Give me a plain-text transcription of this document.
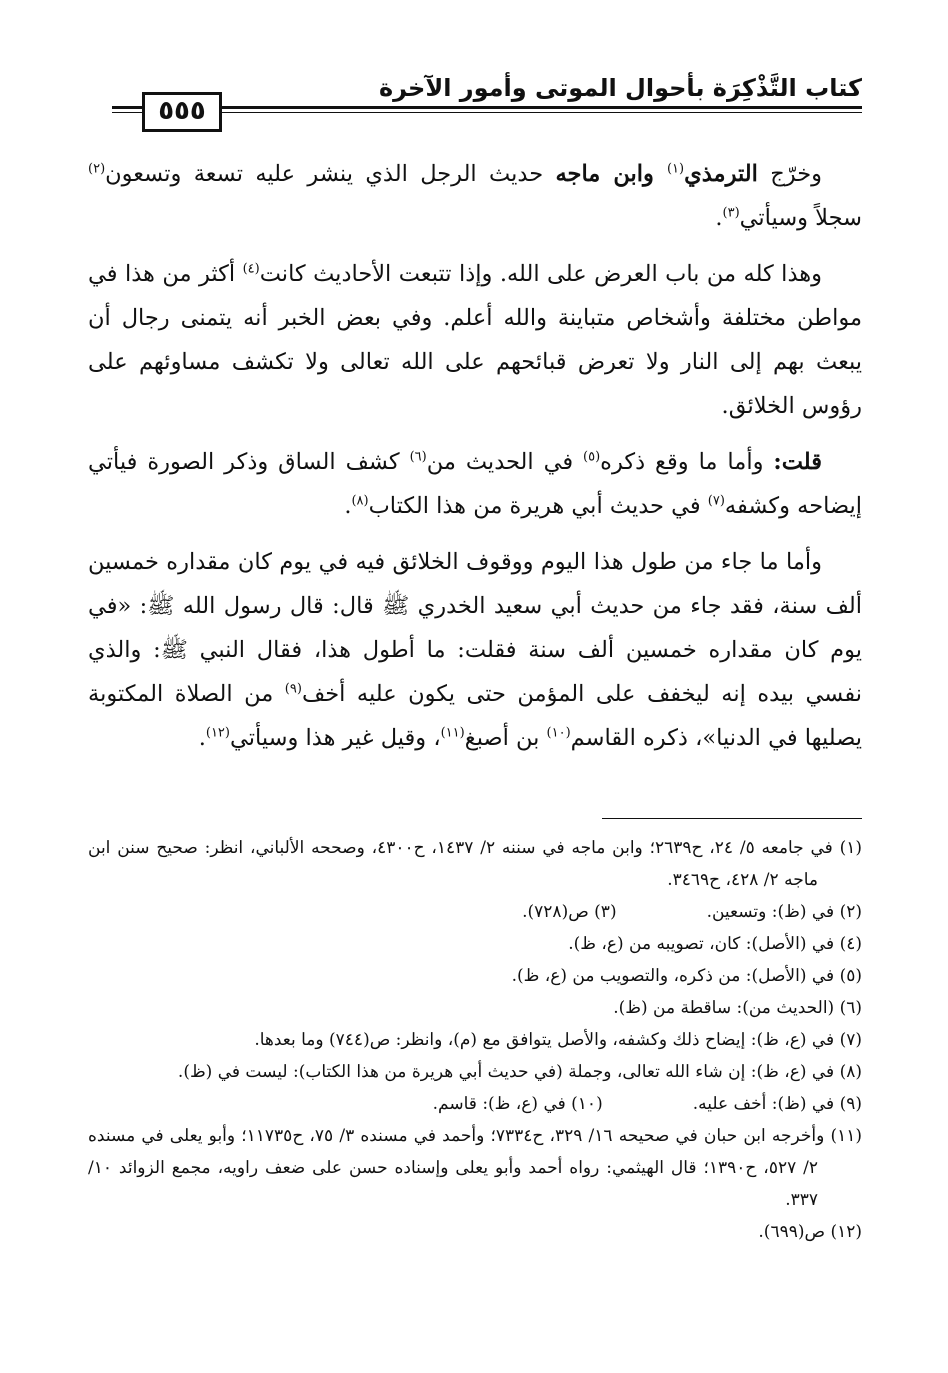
كتاب التَّذْكِرَة بأحوال الموتى وأمور الآخرة
٥٥٥

وخرّج الترمذي$^{(١)}$ وابن ماجه حديث الرجل الذي ينشر عليه تسعة وتسعون$^{(٢)}$ سجلاً وسيأتي$^{(٣)}$.

وهذا كله من باب العرض على الله. وإذا تتبعت الأحاديث كانت$^{(٤)}$ أكثر من هذا في مواطن مختلفة وأشخاص متباينة والله أعلم. وفي بعض الخبر أنه يتمنى رجال أن يبعث بهم إلى النار ولا تعرض قبائحهم على الله تعالى ولا تكشف مساوئهم على رؤوس الخلائق.

قلت: وأما ما وقع ذكره$^{(٥)}$ في الحديث من$^{(٦)}$ كشف الساق وذكر الصورة فيأتي إيضاحه وكشفه$^{(٧)}$ في حديث أبي هريرة من هذا الكتاب$^{(٨)}$.

وأما ما جاء من طول هذا اليوم ووقوف الخلائق فيه في يوم كان مقداره خمسين ألف سنة، فقد جاء من حديث أبي سعيد الخدري ﷺ قال: قال رسول الله ﷺ: «في يوم كان مقداره خمسين ألف سنة فقلت: ما أطول هذا، فقال النبي ﷺ: والذي نفسي بيده إنه ليخفف على المؤمن حتى يكون عليه أخف$^{(٩)}$ من الصلاة المكتوبة يصليها في الدنيا»، ذكره القاسم$^{(١٠)}$ بن أصبغ$^{(١١)}$، وقيل غير هذا وسيأتي$^{(١٢)}$.

(١) في جامعه ٥/ ٢٤، ح٢٦٣٩؛ وابن ماجه في سننه ٢/ ١٤٣٧، ح٤٣٠٠، وصححه الألباني، انظر: صحيح سنن ابن ماجه ٢/ ٤٢٨، ح٣٤٦٩.

(٢) في (ظ): وتسعين.

(٣) ص(٧٢٨).

(٤) في (الأصل): كان، تصويبه من (ع، ظ).

(٥) في (الأصل): من ذكره، والتصويب من (ع، ظ).

(٦) (الحديث من): ساقطة من (ظ).

(٧) في (ع، ظ): إيضاح ذلك وكشفه، والأصل يتوافق مع (م)، وانظر: ص(٧٤٤) وما بعدها.

(٨) في (ع، ظ): إن شاء الله تعالى، وجملة (في حديث أبي هريرة من هذا الكتاب): ليست في (ظ).

(٩) في (ظ): أخف عليه.

(١٠) في (ع، ظ): قاسم.

(١١) وأخرجه ابن حبان في صحيحه ١٦/ ٣٢٩، ح٧٣٣٤؛ وأحمد في مسنده ٣/ ٧٥، ح١١٧٣٥؛ وأبو يعلى في مسنده ٢/ ٥٢٧، ح١٣٩٠؛ قال الهيثمي: رواه أحمد وأبو يعلى وإسناده حسن على ضعف راويه، مجمع الزوائد ١٠/ ٣٣٧.

(١٢) ص(٦٩٩).
